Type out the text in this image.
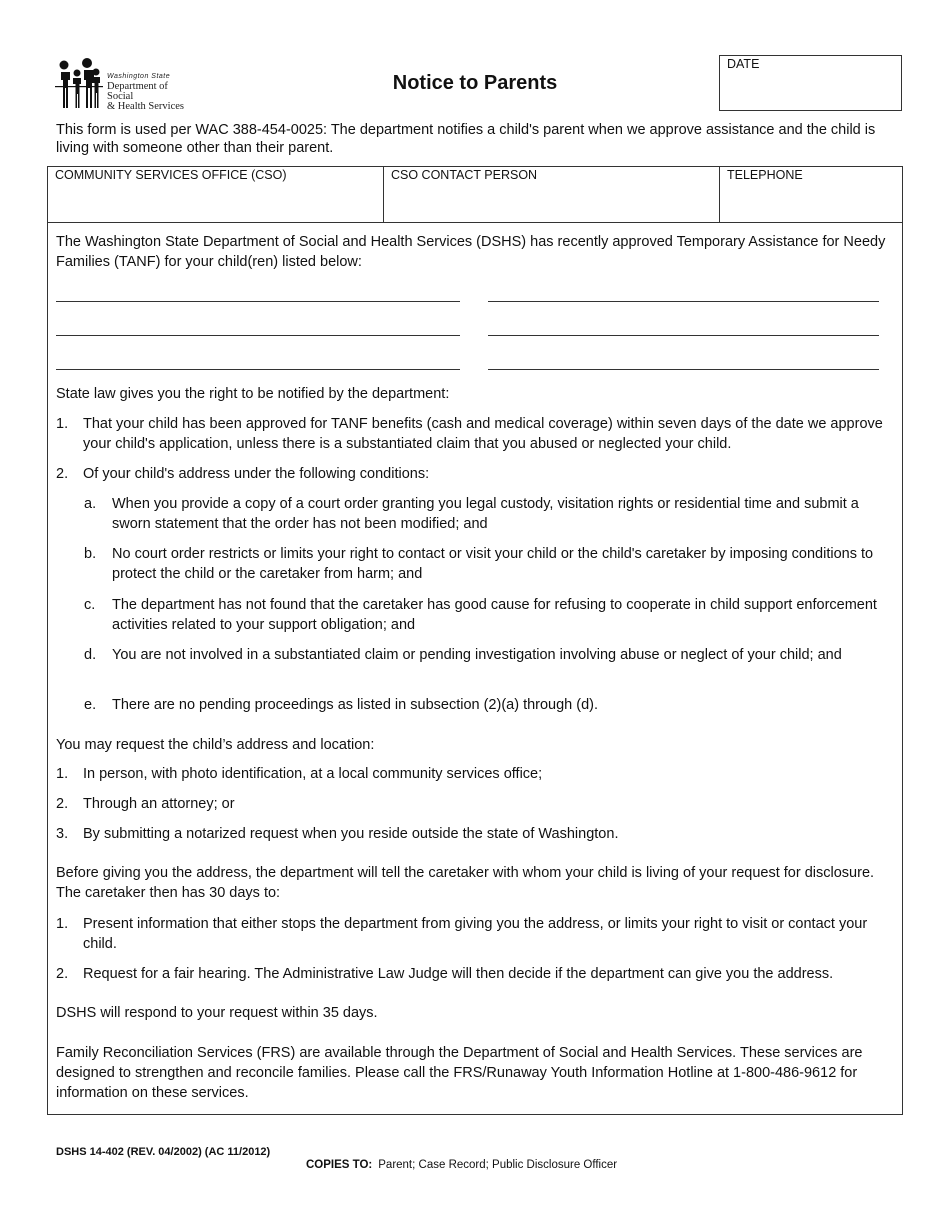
Washington State
Department of Social
& Health Services
Notice to Parents
DATE
This form is used per WAC 388-454-0025: The department notifies a child's parent when we approve assistance and the child is living with someone other than their parent.
COMMUNITY SERVICES OFFICE (CSO)	CSO CONTACT PERSON	TELEPHONE
The Washington State Department of Social and Health Services (DSHS) has recently approved Temporary Assistance for Needy Families (TANF) for your child(ren) listed below:
State law gives you the right to be notified by the department:
1. That your child has been approved for TANF benefits (cash and medical coverage) within seven days of the date we approve your child's application, unless there is a substantiated claim that you abused or neglected your child.
2. Of your child's address under the following conditions:
a. When you provide a copy of a court order granting you legal custody, visitation rights or residential time and submit a sworn statement that the order has not been modified; and
b. No court order restricts or limits your right to contact or visit your child or the child's caretaker by imposing conditions to protect the child or the caretaker from harm; and
c. The department has not found that the caretaker has good cause for refusing to cooperate in child support enforcement activities related to your support obligation; and
d. You are not involved in a substantiated claim or pending investigation involving abuse or neglect of your child; and
e. There are no pending proceedings as listed in subsection (2)(a) through (d).
You may request the child’s address and location:
1. In person, with photo identification, at a local community services office;
2. Through an attorney; or
3. By submitting a notarized request when you reside outside the state of Washington.
Before giving you the address, the department will tell the caretaker with whom your child is living of your request for disclosure. The caretaker then has 30 days to:
1. Present information that either stops the department from giving you the address, or limits your right to visit or contact your child.
2. Request for a fair hearing. The Administrative Law Judge will then decide if the department can give you the address.
DSHS will respond to your request within 35 days.
Family Reconciliation Services (FRS) are available through the Department of Social and Health Services. These services are designed to strengthen and reconcile families. Please call the FRS/Runaway Youth Information Hotline at 1-800-486-9612 for information on these services.
DSHS 14-402 (REV. 04/2002) (AC 11/2012)
COPIES TO: Parent; Case Record; Public Disclosure Officer
